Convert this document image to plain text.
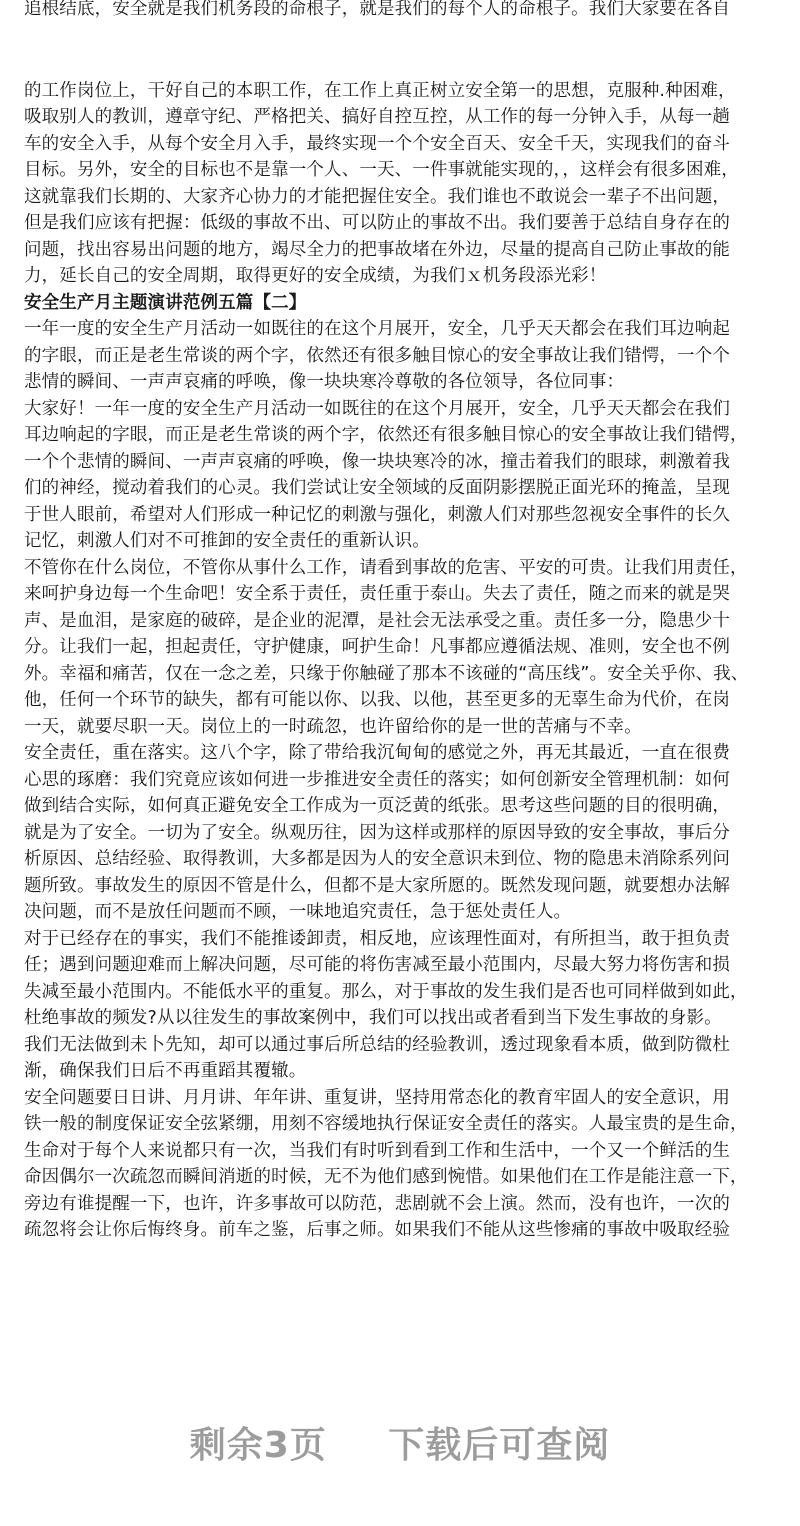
追根结底，安全就是我们机务段的命根子，就是我们的每个人的命根子。我们大家要在各自
的工作岗位上，干好自己的本职工作，在工作上真正树立安全第一的思想，克服种.种困难，
吸取别人的教训，遵章守纪、严格把关、搞好自控互控，从工作的每一分钟入手，从每一趟
车的安全入手，从每个安全月入手，最终实现一个个安全百天、安全千天，实现我们的奋斗
目标。另外，安全的目标也不是靠一个人、一天、一件事就能实现的，，这样会有很多困难，
这就靠我们长期的、大家齐心协力的才能把握住安全。我们谁也不敢说会一辈子不出问题，
但是我们应该有把握：低级的事故不出、可以防止的事故不出。我们要善于总结自身存在的
问题，找出容易出问题的地方，竭尽全力的把事故堵在外边，尽量的提高自己防止事故的能
力，延长自己的安全周期，取得更好的安全成绩，为我们ｘ机务段添光彩！
安全生产月主题演讲范例五篇【二】
一年一度的安全生产月活动一如既往的在这个月展开，安全，几乎天天都会在我们耳边响起
的字眼，而正是老生常谈的两个字，依然还有很多触目惊心的安全事故让我们错愕，一个个
悲情的瞬间、一声声哀痛的呼唤，像一块块寒冷尊敬的各位领导，各位同事：
大家好！一年一度的安全生产月活动一如既往的在这个月展开，安全，几乎天天都会在我们
耳边响起的字眼，而正是老生常谈的两个字，依然还有很多触目惊心的安全事故让我们错愕，
一个个悲情的瞬间、一声声哀痛的呼唤，像一块块寒冷的冰，撞击着我们的眼球，刺激着我
们的神经，搅动着我们的心灵。我们尝试让安全领域的反面阴影摆脱正面光环的掩盖，呈现
于世人眼前，希望对人们形成一种记忆的刺激与强化，刺激人们对那些忽视安全事件的长久
记忆，刺激人们对不可推卸的安全责任的重新认识。
不管你在什么岗位，不管你从事什么工作，请看到事故的危害、平安的可贵。让我们用责任，
来呵护身边每一个生命吧！安全系于责任，责任重于泰山。失去了责任，随之而来的就是哭
声、是血泪，是家庭的破碎，是企业的泥潭，是社会无法承受之重。责任多一分，隐患少十
分。让我们一起，担起责任，守护健康，呵护生命！凡事都应遵循法规、准则，安全也不例
外。幸福和痛苦，仅在一念之差，只缘于你触碰了那本不该碰的“高压线”。安全关乎你、我、
他，任何一个环节的缺失，都有可能以你、以我、以他，甚至更多的无辜生命为代价，在岗
一天，就要尽职一天。岗位上的一时疏忽，也许留给你的是一世的苦痛与不幸。
安全责任，重在落实。这八个字，除了带给我沉甸甸的感觉之外，再无其最近，一直在很费
心思的琢磨：我们究竟应该如何进一步推进安全责任的落实；如何创新安全管理机制：如何
做到结合实际，如何真正避免安全工作成为一页泛黄的纸张。思考这些问题的目的很明确，
就是为了安全。一切为了安全。纵观历往，因为这样或那样的原因导致的安全事故，事后分
析原因、总结经验、取得教训，大多都是因为人的安全意识未到位、物的隐患未消除系列问
题所致。事故发生的原因不管是什么，但都不是大家所愿的。既然发现问题，就要想办法解
决问题，而不是放任问题而不顾，一味地追究责任，急于惩处责任人。
对于已经存在的事实，我们不能推诿卸责，相反地，应该理性面对，有所担当，敢于担负责
任；遇到问题迎难而上解决问题，尽可能的将伤害减至最小范围内，尽最大努力将伤害和损
失减至最小范围内。不能低水平的重复。那么，对于事故的发生我们是否也可同样做到如此，
杜绝事故的频发?从以往发生的事故案例中，我们可以找出或者看到当下发生事故的身影。
我们无法做到未卜先知，却可以通过事后所总结的经验教训，透过现象看本质，做到防微杜
渐，确保我们日后不再重蹈其覆辙。
安全问题要日日讲、月月讲、年年讲、重复讲，坚持用常态化的教育牢固人的安全意识，用
铁一般的制度保证安全弦紧绷，用刻不容缓地执行保证安全责任的落实。人最宝贵的是生命，
生命对于每个人来说都只有一次，当我们有时听到看到工作和生活中，一个又一个鲜活的生
命因偶尔一次疏忽而瞬间消逝的时候，无不为他们感到惋惜。如果他们在工作是能注意一下，
旁边有谁提醒一下，也许，许多事故可以防范，悲剧就不会上演。然而，没有也许，一次的
疏忽将会让你后悔终身。前车之鉴，后事之师。如果我们不能从这些惨痛的事故中吸取经验
剩余3页 下载后可查阅
